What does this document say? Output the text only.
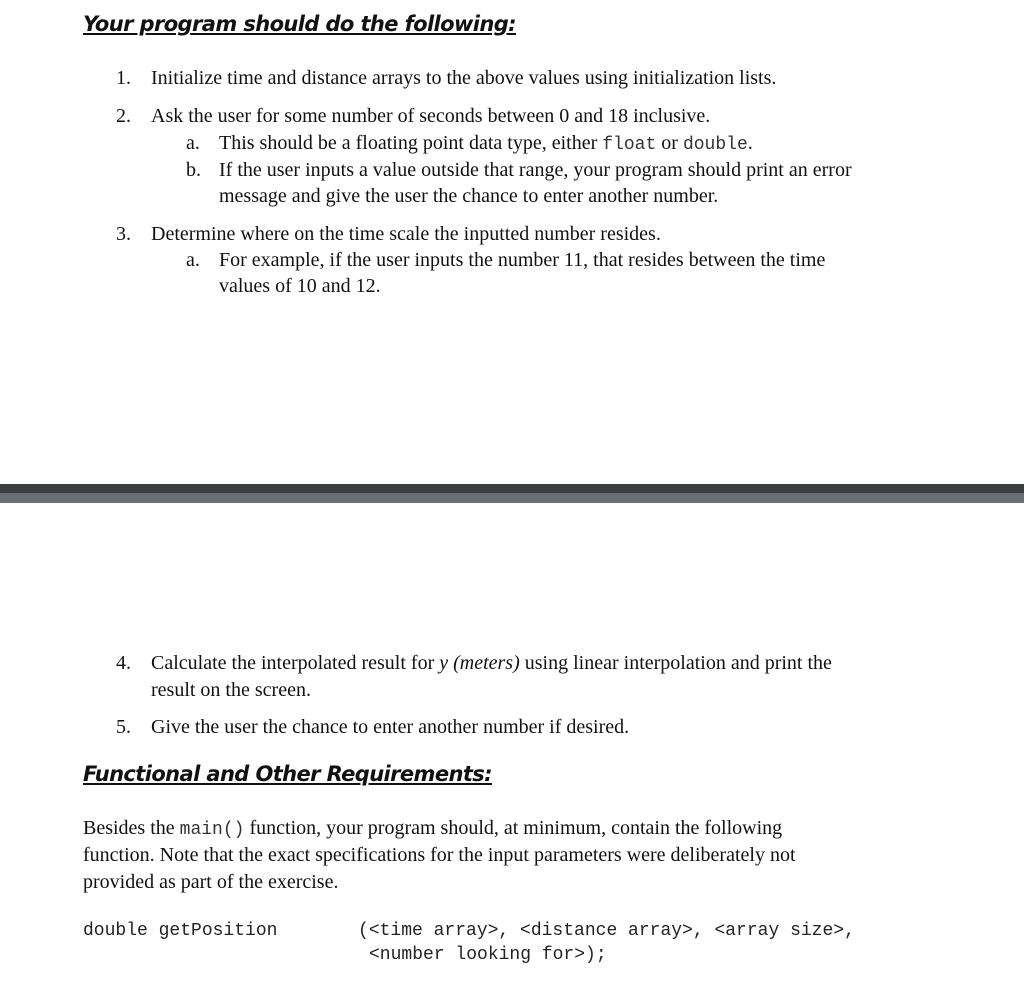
Your program should do the following:
1. Initialize time and distance arrays to the above values using initialization lists.
2. Ask the user for some number of seconds between 0 and 18 inclusive.
a. This should be a floating point data type, either float or double.
b. If the user inputs a value outside that range, your program should print an error
message and give the user the chance to enter another number.
3. Determine where on the time scale the inputted number resides.
a. For example, if the user inputs the number 11, that resides between the time
values of 10 and 12.
4. Calculate the interpolated result for y (meters) using linear interpolation and print the
result on the screen.
5. Give the user the chance to enter another number if desired.
Functional and Other Requirements:
Besides the main() function, your program should, at minimum, contain the following
function. Note that the exact specifications for the input parameters were deliberately not
provided as part of the exercise.
double getPosition	(<time array>, <distance array>, <array size>,
<number looking for>);
